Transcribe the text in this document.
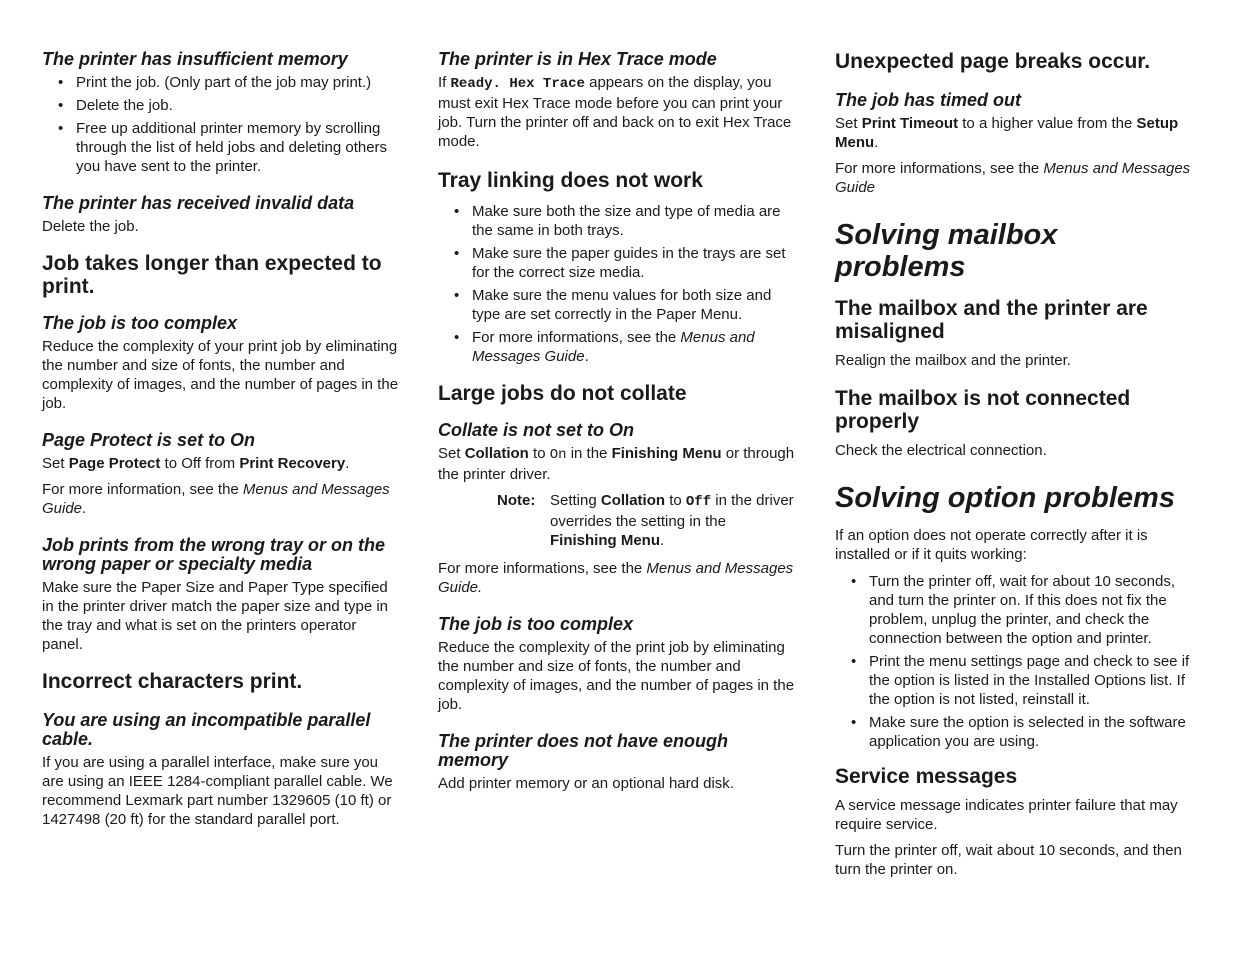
The printer has insufficient memory
• Print the job. (Only part of the job may print.)
• Delete the job.
• Free up additional printer memory by scrolling through the list of held jobs and deleting others you have sent to the printer.
The printer has received invalid data

Delete the job.

Job takes longer than expected to print.
The job is too complex

Reduce the complexity of your print job by eliminating the number and size of fonts, the number and complexity of images, and the number of pages in the job.

Page Protect is set to On

Set Page Protect to Off from Print Recovery.

For more information, see the Menus and Messages Guide.

Job prints from the wrong tray or on the wrong paper or specialty media

Make sure the Paper Size and Paper Type specified in the printer driver match the paper size and type in the tray and what is set on the printers operator panel.

Incorrect characters print.
You are using an incompatible parallel cable.

If you are using a parallel interface, make sure you are using an IEEE 1284-compliant parallel cable. We recommend Lexmark part number 1329605 (10 ft) or 1427498 (20 ft) for the standard parallel port.

The printer is in Hex Trace mode

If Ready. Hex Trace appears on the display, you must exit Hex Trace mode before you can print your job. Turn the printer off and back on to exit Hex Trace mode.

Tray linking does not work
• Make sure both the size and type of media are the same in both trays.
• Make sure the paper guides in the trays are set for the correct size media.
• Make sure the menu values for both size and type are set correctly in the Paper Menu.
• For more informations, see the Menus and Messages Guide.
Large jobs do not collate
Collate is not set to On

Set Collation to On in the Finishing Menu or through the printer driver.

Note: Setting Collation to Off in the driver overrides the setting in the Finishing Menu.

For more informations, see the Menus and Messages Guide.

The job is too complex

Reduce the complexity of the print job by eliminating the number and size of fonts, the number and complexity of images, and the number of pages in the job.

The printer does not have enough memory

Add printer memory or an optional hard disk.

Unexpected page breaks occur.
The job has timed out

Set Print Timeout to a higher value from the Setup Menu.

For more informations, see the Menus and Messages Guide

Solving mailbox problems
The mailbox and the printer are misaligned

Realign the mailbox and the printer.

The mailbox is not connected properly

Check the electrical connection.

Solving option problems

If an option does not operate correctly after it is installed or if it quits working:

• Turn the printer off, wait for about 10 seconds, and turn the printer on. If this does not fix the problem, unplug the printer, and check the connection between the option and printer.
• Print the menu settings page and check to see if the option is listed in the Installed Options list. If the option is not listed, reinstall it.
• Make sure the option is selected in the software application you are using.
Service messages

A service message indicates printer failure that may require service.

Turn the printer off, wait about 10 seconds, and then turn the printer on.
